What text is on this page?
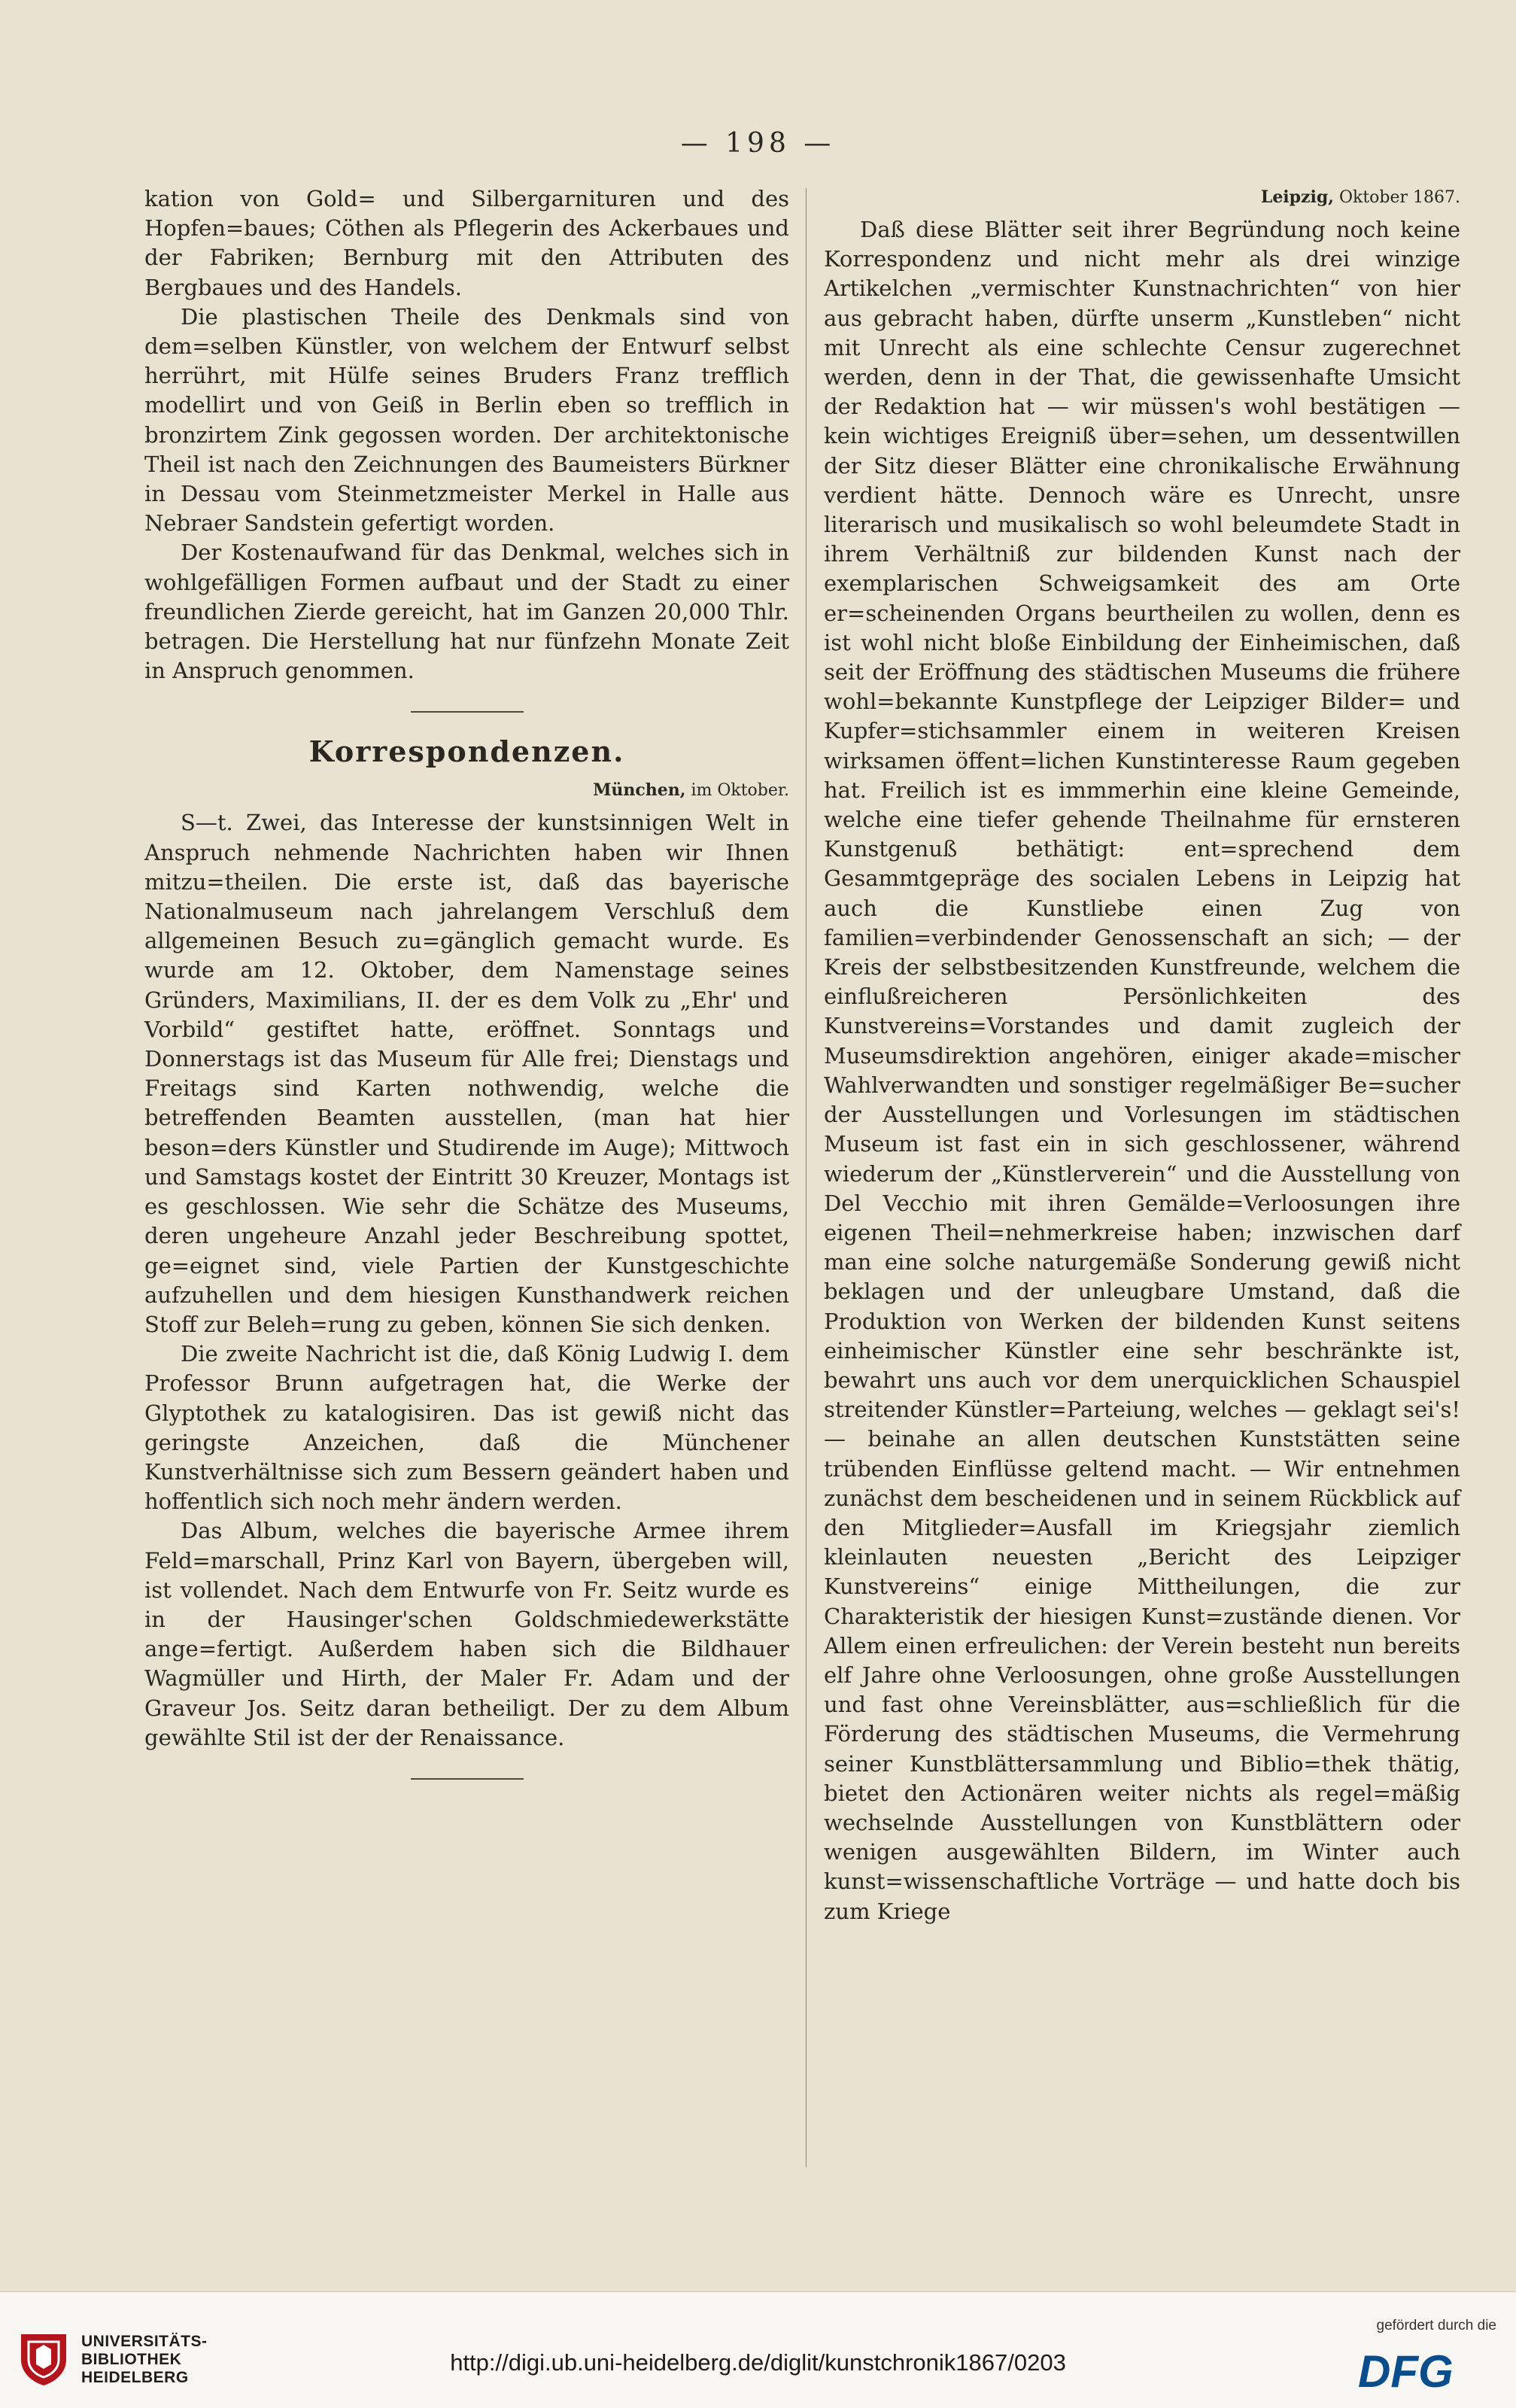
— 198 —

kation von Gold= und Silbergarnituren und des Hopfen=baues; Cöthen als Pflegerin des Ackerbaues und der Fabriken; Bernburg mit den Attributen des Bergbaues und des Handels.

Die plastischen Theile des Denkmals sind von dem=selben Künstler, von welchem der Entwurf selbst herrührt, mit Hülfe seines Bruders Franz trefflich modellirt und von Geiß in Berlin eben so trefflich in bronzirtem Zink gegossen worden. Der architektonische Theil ist nach den Zeichnungen des Baumeisters Bürkner in Dessau vom Steinmetzmeister Merkel in Halle aus Nebraer Sandstein gefertigt worden.

Der Kostenaufwand für das Denkmal, welches sich in wohlgefälligen Formen aufbaut und der Stadt zu einer freundlichen Zierde gereicht, hat im Ganzen 20,000 Thlr. betragen. Die Herstellung hat nur fünfzehn Monate Zeit in Anspruch genommen.

Korrespondenzen.
München, im Oktober.

S—t. Zwei, das Interesse der kunstsinnigen Welt in Anspruch nehmende Nachrichten haben wir Ihnen mitzu=theilen. Die erste ist, daß das bayerische Nationalmuseum nach jahrelangem Verschluß dem allgemeinen Besuch zu=gänglich gemacht wurde. Es wurde am 12. Oktober, dem Namenstage seines Gründers, Maximilians, II. der es dem Volk zu „Ehr' und Vorbild“ gestiftet hatte, eröffnet. Sonntags und Donnerstags ist das Museum für Alle frei; Dienstags und Freitags sind Karten nothwendig, welche die betreffenden Beamten ausstellen, (man hat hier beson=ders Künstler und Studirende im Auge); Mittwoch und Samstags kostet der Eintritt 30 Kreuzer, Montags ist es geschlossen. Wie sehr die Schätze des Museums, deren ungeheure Anzahl jeder Beschreibung spottet, ge=eignet sind, viele Partien der Kunstgeschichte aufzuhellen und dem hiesigen Kunsthandwerk reichen Stoff zur Beleh=rung zu geben, können Sie sich denken.

Die zweite Nachricht ist die, daß König Ludwig I. dem Professor Brunn aufgetragen hat, die Werke der Glyptothek zu katalogisiren. Das ist gewiß nicht das geringste Anzeichen, daß die Münchener Kunstverhältnisse sich zum Bessern geändert haben und hoffentlich sich noch mehr ändern werden.

Das Album, welches die bayerische Armee ihrem Feld=marschall, Prinz Karl von Bayern, übergeben will, ist vollendet. Nach dem Entwurfe von Fr. Seitz wurde es in der Hausinger'schen Goldschmiedewerkstätte ange=fertigt. Außerdem haben sich die Bildhauer Wagmüller und Hirth, der Maler Fr. Adam und der Graveur Jos. Seitz daran betheiligt. Der zu dem Album gewählte Stil ist der der Renaissance.

Leipzig, Oktober 1867.

Daß diese Blätter seit ihrer Begründung noch keine Korrespondenz und nicht mehr als drei winzige Artikelchen „vermischter Kunstnachrichten“ von hier aus gebracht haben, dürfte unserm „Kunstleben“ nicht mit Unrecht als eine schlechte Censur zugerechnet werden, denn in der That, die gewissenhafte Umsicht der Redaktion hat — wir müssen's wohl bestätigen — kein wichtiges Ereigniß über=sehen, um dessentwillen der Sitz dieser Blätter eine chronikalische Erwähnung verdient hätte. Dennoch wäre es Unrecht, unsre literarisch und musikalisch so wohl beleumdete Stadt in ihrem Verhältniß zur bildenden Kunst nach der exemplarischen Schweigsamkeit des am Orte er=scheinenden Organs beurtheilen zu wollen, denn es ist wohl nicht bloße Einbildung der Einheimischen, daß seit der Eröffnung des städtischen Museums die frühere wohl=bekannte Kunstpflege der Leipziger Bilder= und Kupfer=stichsammler einem in weiteren Kreisen wirksamen öffent=lichen Kunstinteresse Raum gegeben hat. Freilich ist es immmerhin eine kleine Gemeinde, welche eine tiefer gehende Theilnahme für ernsteren Kunstgenuß bethätigt: ent=sprechend dem Gesammtgepräge des socialen Lebens in Leipzig hat auch die Kunstliebe einen Zug von familien=verbindender Genossenschaft an sich; — der Kreis der selbstbesitzenden Kunstfreunde, welchem die einflußreicheren Persönlichkeiten des Kunstvereins=Vorstandes und damit zugleich der Museumsdirektion angehören, einiger akade=mischer Wahlverwandten und sonstiger regelmäßiger Be=sucher der Ausstellungen und Vorlesungen im städtischen Museum ist fast ein in sich geschlossener, während wiederum der „Künstlerverein“ und die Ausstellung von Del Vecchio mit ihren Gemälde=Verloosungen ihre eigenen Theil=nehmerkreise haben; inzwischen darf man eine solche naturgemäße Sonderung gewiß nicht beklagen und der unleugbare Umstand, daß die Produktion von Werken der bildenden Kunst seitens einheimischer Künstler eine sehr beschränkte ist, bewahrt uns auch vor dem unerquicklichen Schauspiel streitender Künstler=Parteiung, welches — geklagt sei's! — beinahe an allen deutschen Kunststätten seine trübenden Einflüsse geltend macht. — Wir entnehmen zunächst dem bescheidenen und in seinem Rückblick auf den Mitglieder=Ausfall im Kriegsjahr ziemlich kleinlauten neuesten „Bericht des Leipziger Kunstvereins“ einige Mittheilungen, die zur Charakteristik der hiesigen Kunst=zustände dienen. Vor Allem einen erfreulichen: der Verein besteht nun bereits elf Jahre ohne Verloosungen, ohne große Ausstellungen und fast ohne Vereinsblätter, aus=schließlich für die Förderung des städtischen Museums, die Vermehrung seiner Kunstblättersammlung und Biblio=thek thätig, bietet den Actionären weiter nichts als regel=mäßig wechselnde Ausstellungen von Kunstblättern oder wenigen ausgewählten Bildern, im Winter auch kunst=wissenschaftliche Vorträge — und hatte doch bis zum Kriege

UNIVERSITÄTS-
BIBLIOTHEK
HEIDELBERG
http://digi.ub.uni-heidelberg.de/diglit/kunstchronik1867/0203
gefördert durch die
DFG
